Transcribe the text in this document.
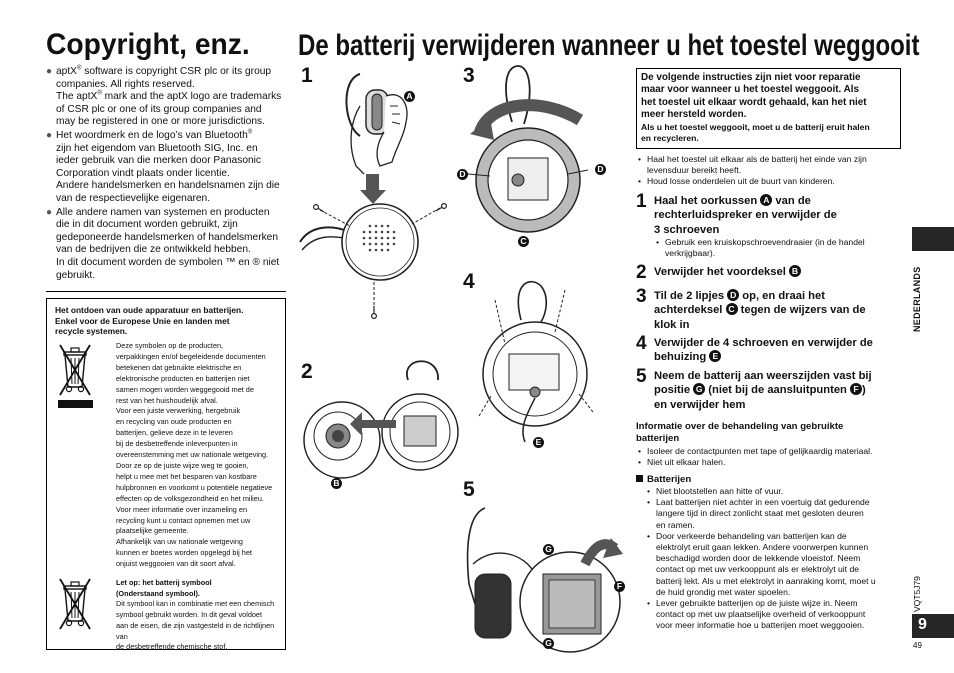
Copyright, enz. De batterij verwijderen wanneer u het toestel weggooit
● aptX® software is copyright CSR plc or its group
companies. All rights reserved.
The aptX® mark and the aptX logo are trademarks
of CSR plc or one of its group companies and
may be registered in one or more jurisdictions.
● Het woordmerk en de logo’s van Bluetooth®
zijn het eigendom van Bluetooth SIG, Inc. en
ieder gebruik van die merken door Panasonic
Corporation vindt plaats onder licentie.
Andere handelsmerken en handelsnamen zijn die
van de respectievelijke eigenaren.
● Alle andere namen van systemen en producten
die in dit document worden gebruikt, zijn
gedeponeerde handelsmerken of handelsmerken
van de bedrijven die ze ontwikkeld hebben.
In dit document worden de symbolen ™ en ® niet
gebruikt.
Het ontdoen van oude apparatuur en batterijen.
Enkel voor de Europese Unie en landen met
recycle systemen.
Deze symbolen op de producten,
verpakkingen en/of begeleidende documenten
betekenen dat gebruikte elektrische en
elektronische producten en batterijen niet
samen mogen worden weggegooid met de
rest van het huishoudelijk afval.
Voor een juiste verwerking, hergebruik
en recycling van oude producten en
batterijen, gelieve deze in te leveren
bij de desbetreffende inleverpunten in
overeenstemming met uw nationale wetgeving.
Door ze op de juiste wijze weg te gooien,
helpt u mee met het besparen van kostbare
hulpbronnen en voorkomt u potentiële negatieve
effecten op de volksgezondheid en het milieu.
Voor meer informatie over inzameling en
recycling kunt u contact opnemen met uw
plaatselijke gemeente.
Afhankelijk van uw nationale wetgeving
kunnen er boetes worden opgelegd bij het
onjuist weggooien van dit soort afval.
Let op: het batterij symbool
(Onderstaand symbool).
Dit symbool kan in combinatie met een chemisch
symbool gebruikt worden. In dit geval voldoet
aan de eisen, die zijn vastgesteld in de richtlijnen van
de desbetreffende chemische stof.
1
A
2
B
3
D	D
C
4
E
5
G
F
G
De volgende instructies zijn niet voor reparatie
maar voor wanneer u het toestel weggooit. Als
het toestel uit elkaar wordt gehaald, kan het niet
meer hersteld worden.
Als u het toestel weggooit, moet u de batterij eruit halen
en recycleren.
• Haal het toestel uit elkaar als de batterij het einde van zijn
levensduur bereikt heeft.
• Houd losse onderdelen uit de buurt van kinderen.
1 Haal het oorkussen A van de
rechterluidspreker en verwijder de
3 schroeven
• Gebruik een kruiskopschroevendraaier (in de handel
verkrijgbaar).
2 Verwijder het voordeksel B
3 Til de 2 lipjes D op, en draai het
achterdeksel C tegen de wijzers van de
klok in
4 Verwijder de 4 schroeven en verwijder de
behuizing E
5 Neem de batterij aan weerszijden vast bij
positie G (niet bij de aansluitpunten F )
en verwijder hem
Informatie over de behandeling van gebruikte
batterijen
• Isoleer de contactpunten met tape of gelijkaardig materiaal.
• Niet uit elkaar halen.
Batterijen
• Niet blootstellen aan hitte of vuur.
• Laat batterijen niet achter in een voertuig dat gedurende
langere tijd in direct zonlicht staat met gesloten deuren
en ramen.
• Door verkeerde behandeling van batterijen kan de
elektrolyt eruit gaan lekken. Andere voorwerpen kunnen
beschadigd worden door de lekkende vloeistof. Neem
contact op met uw verkooppunt als er elektrolyt uit de
batterij lekt. Als u met elektrolyt in aanraking komt, moet u
de huid grondig met water spoelen.
• Lever gebruikte batterijen op de juiste wijze in. Neem
contact op met uw plaatselijke overheid of verkooppunt
voor meer informatie hoe u batterijen moet weggooien.
NEDERLANDS
VQT5J79
9
49
